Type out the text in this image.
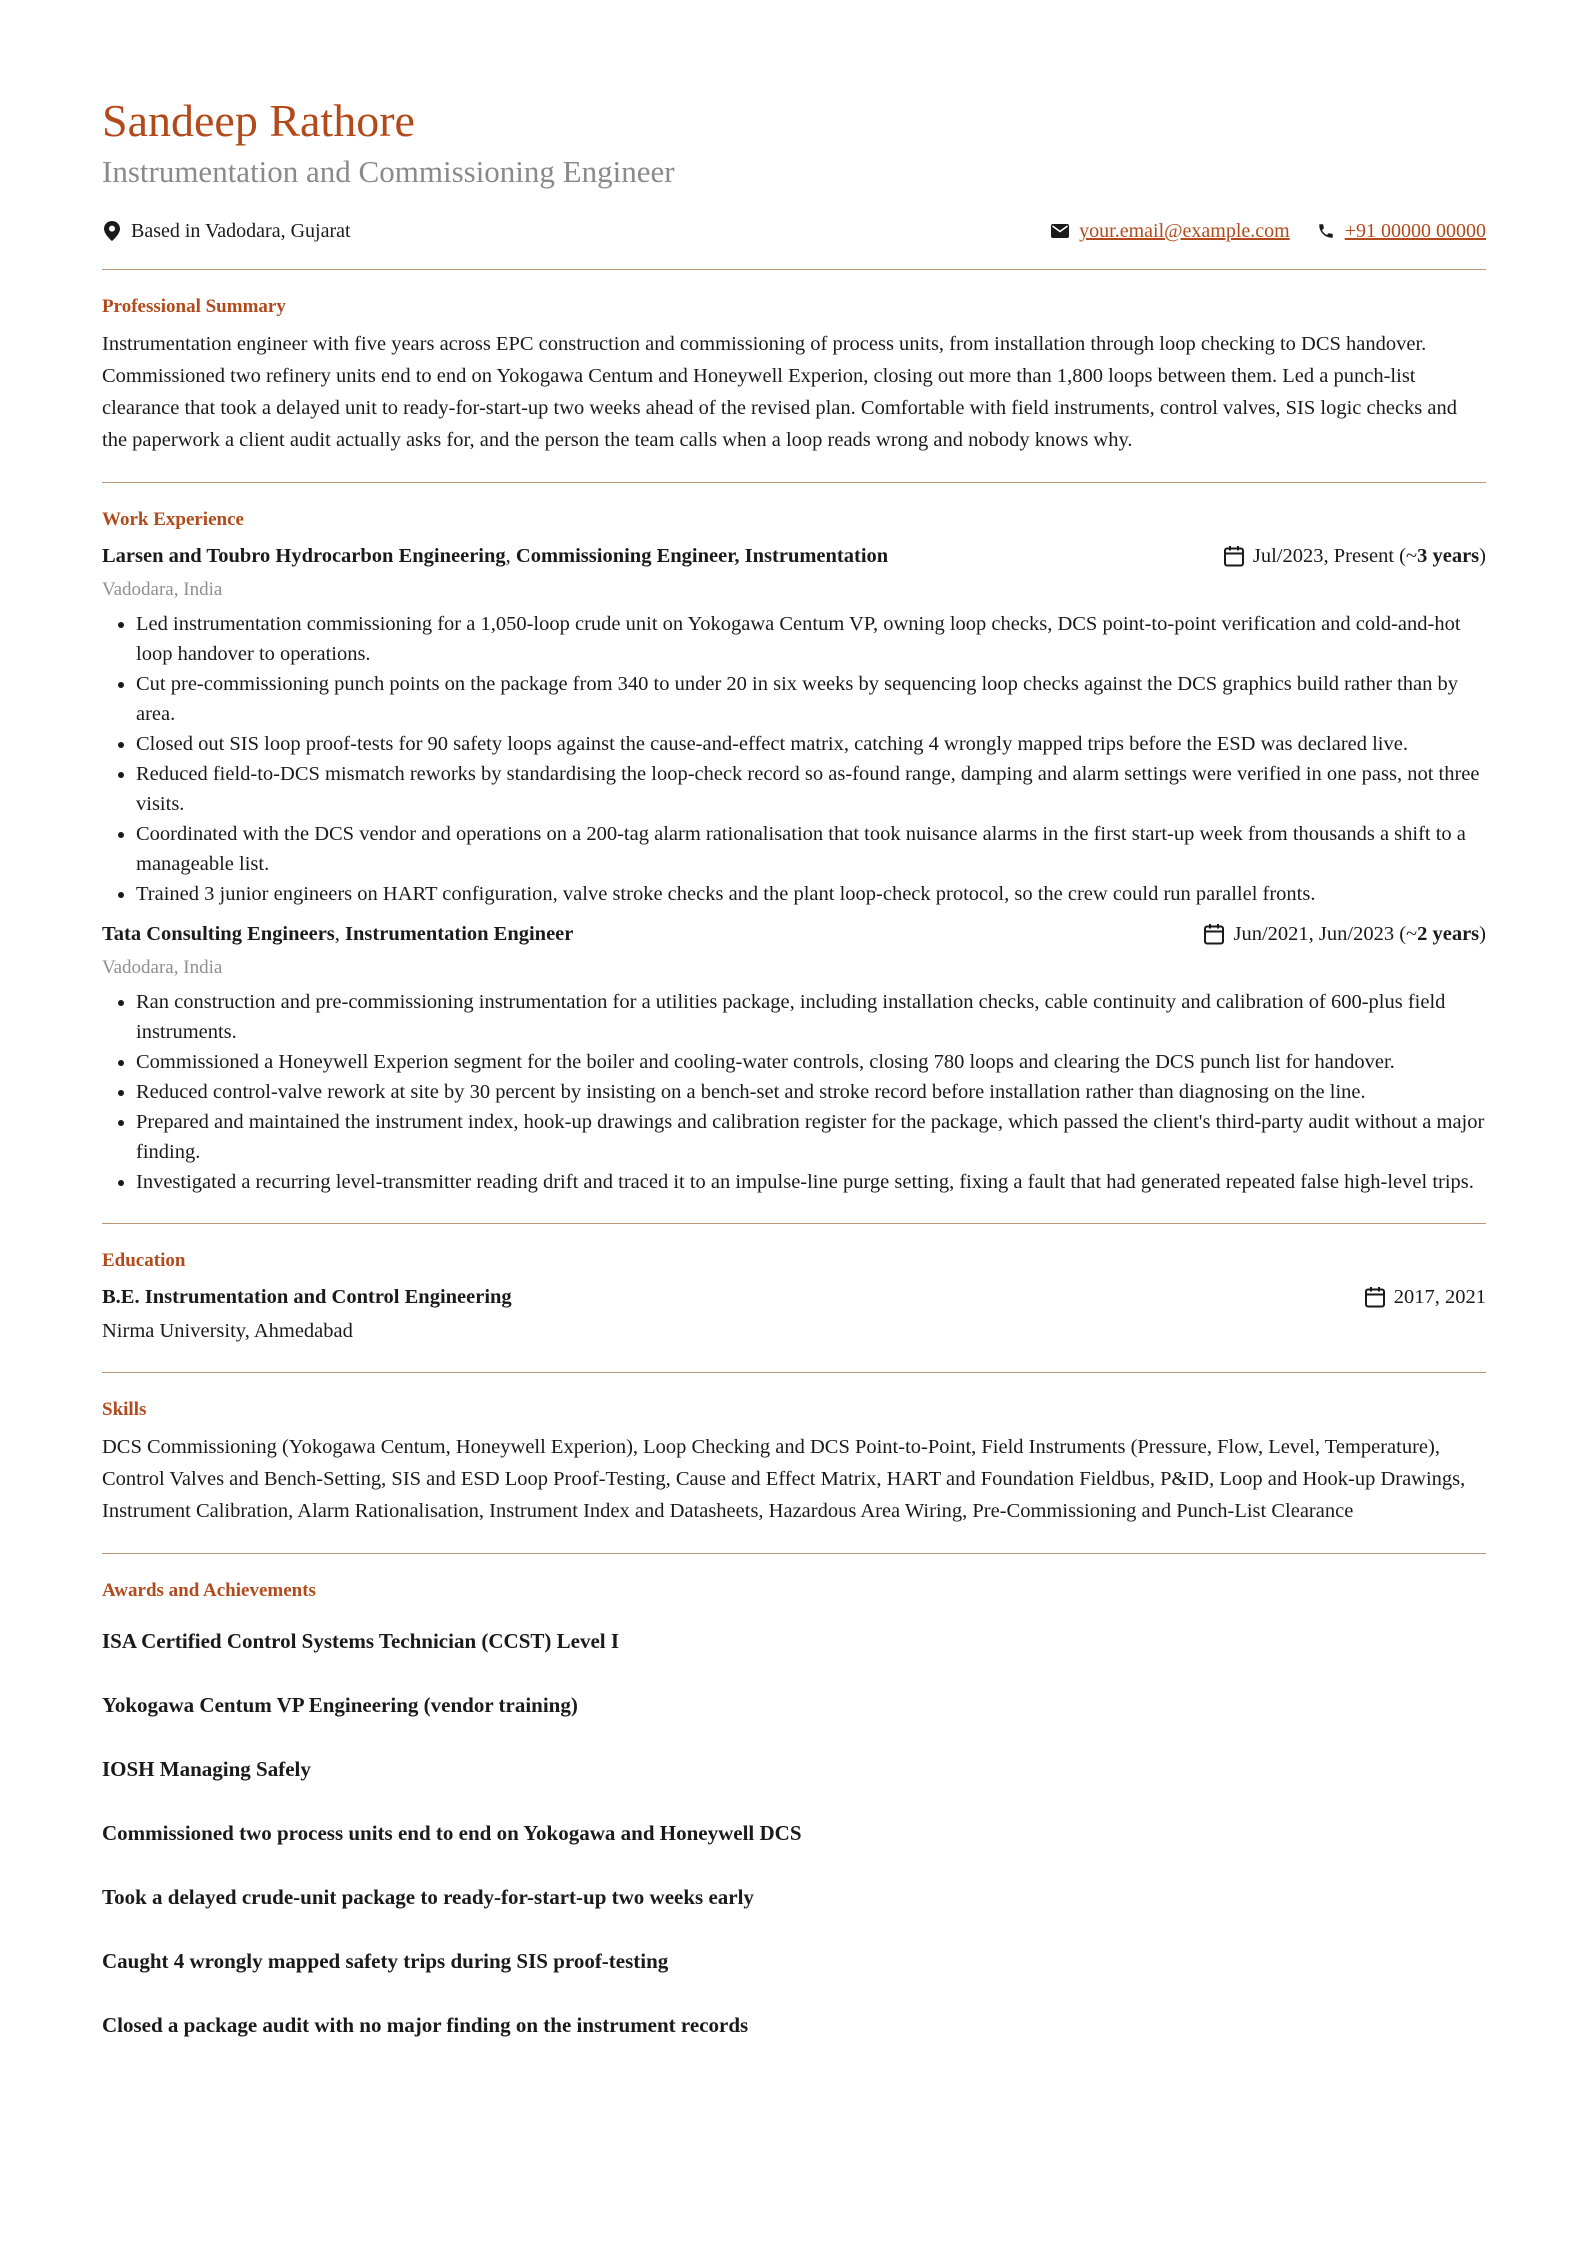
Sandeep Rathore
Instrumentation and Commissioning Engineer
Based in Vadodara, Gujarat	your.email@example.com	+91 00000 00000
Professional Summary

Instrumentation engineer with five years across EPC construction and commissioning of process units, from installation through loop checking to DCS handover. Commissioned two refinery units end to end on Yokogawa Centum and Honeywell Experion, closing out more than 1,800 loops between them. Led a punch-list clearance that took a delayed unit to ready-for-start-up two weeks ahead of the revised plan. Comfortable with field instruments, control valves, SIS logic checks and the paperwork a client audit actually asks for, and the person the team calls when a loop reads wrong and nobody knows why.

Work Experience
Larsen and Toubro Hydrocarbon Engineering, Commissioning Engineer, Instrumentation	Jul/2023, Present (~ 3 years )
Vadodara, India
• Led instrumentation commissioning for a 1,050-loop crude unit on Yokogawa Centum VP, owning loop checks, DCS point-to-point verification and cold-and-hot loop handover to operations.
• Cut pre-commissioning punch points on the package from 340 to under 20 in six weeks by sequencing loop checks against the DCS graphics build rather than by area.
• Closed out SIS loop proof-tests for 90 safety loops against the cause-and-effect matrix, catching 4 wrongly mapped trips before the ESD was declared live.
• Reduced field-to-DCS mismatch reworks by standardising the loop-check record so as-found range, damping and alarm settings were verified in one pass, not three visits.
• Coordinated with the DCS vendor and operations on a 200-tag alarm rationalisation that took nuisance alarms in the first start-up week from thousands a shift to a manageable list.
• Trained 3 junior engineers on HART configuration, valve stroke checks and the plant loop-check protocol, so the crew could run parallel fronts.
Tata Consulting Engineers, Instrumentation Engineer	Jun/2021, Jun/2023 (~ 2 years )
Vadodara, India
• Ran construction and pre-commissioning instrumentation for a utilities package, including installation checks, cable continuity and calibration of 600-plus field instruments.
• Commissioned a Honeywell Experion segment for the boiler and cooling-water controls, closing 780 loops and clearing the DCS punch list for handover.
• Reduced control-valve rework at site by 30 percent by insisting on a bench-set and stroke record before installation rather than diagnosing on the line.
• Prepared and maintained the instrument index, hook-up drawings and calibration register for the package, which passed the client's third-party audit without a major finding.
• Investigated a recurring level-transmitter reading drift and traced it to an impulse-line purge setting, fixing a fault that had generated repeated false high-level trips.
Education
B.E. Instrumentation and Control Engineering	2017, 2021
Nirma University, Ahmedabad
Skills

DCS Commissioning (Yokogawa Centum, Honeywell Experion), Loop Checking and DCS Point-to-Point, Field Instruments (Pressure, Flow, Level, Temperature), Control Valves and Bench-Setting, SIS and ESD Loop Proof-Testing, Cause and Effect Matrix, HART and Foundation Fieldbus, P&ID, Loop and Hook-up Drawings, Instrument Calibration, Alarm Rationalisation, Instrument Index and Datasheets, Hazardous Area Wiring, Pre-Commissioning and Punch-List Clearance

Awards and Achievements

ISA Certified Control Systems Technician (CCST) Level I

Yokogawa Centum VP Engineering (vendor training)

IOSH Managing Safely

Commissioned two process units end to end on Yokogawa and Honeywell DCS

Took a delayed crude-unit package to ready-for-start-up two weeks early

Caught 4 wrongly mapped safety trips during SIS proof-testing

Closed a package audit with no major finding on the instrument records
